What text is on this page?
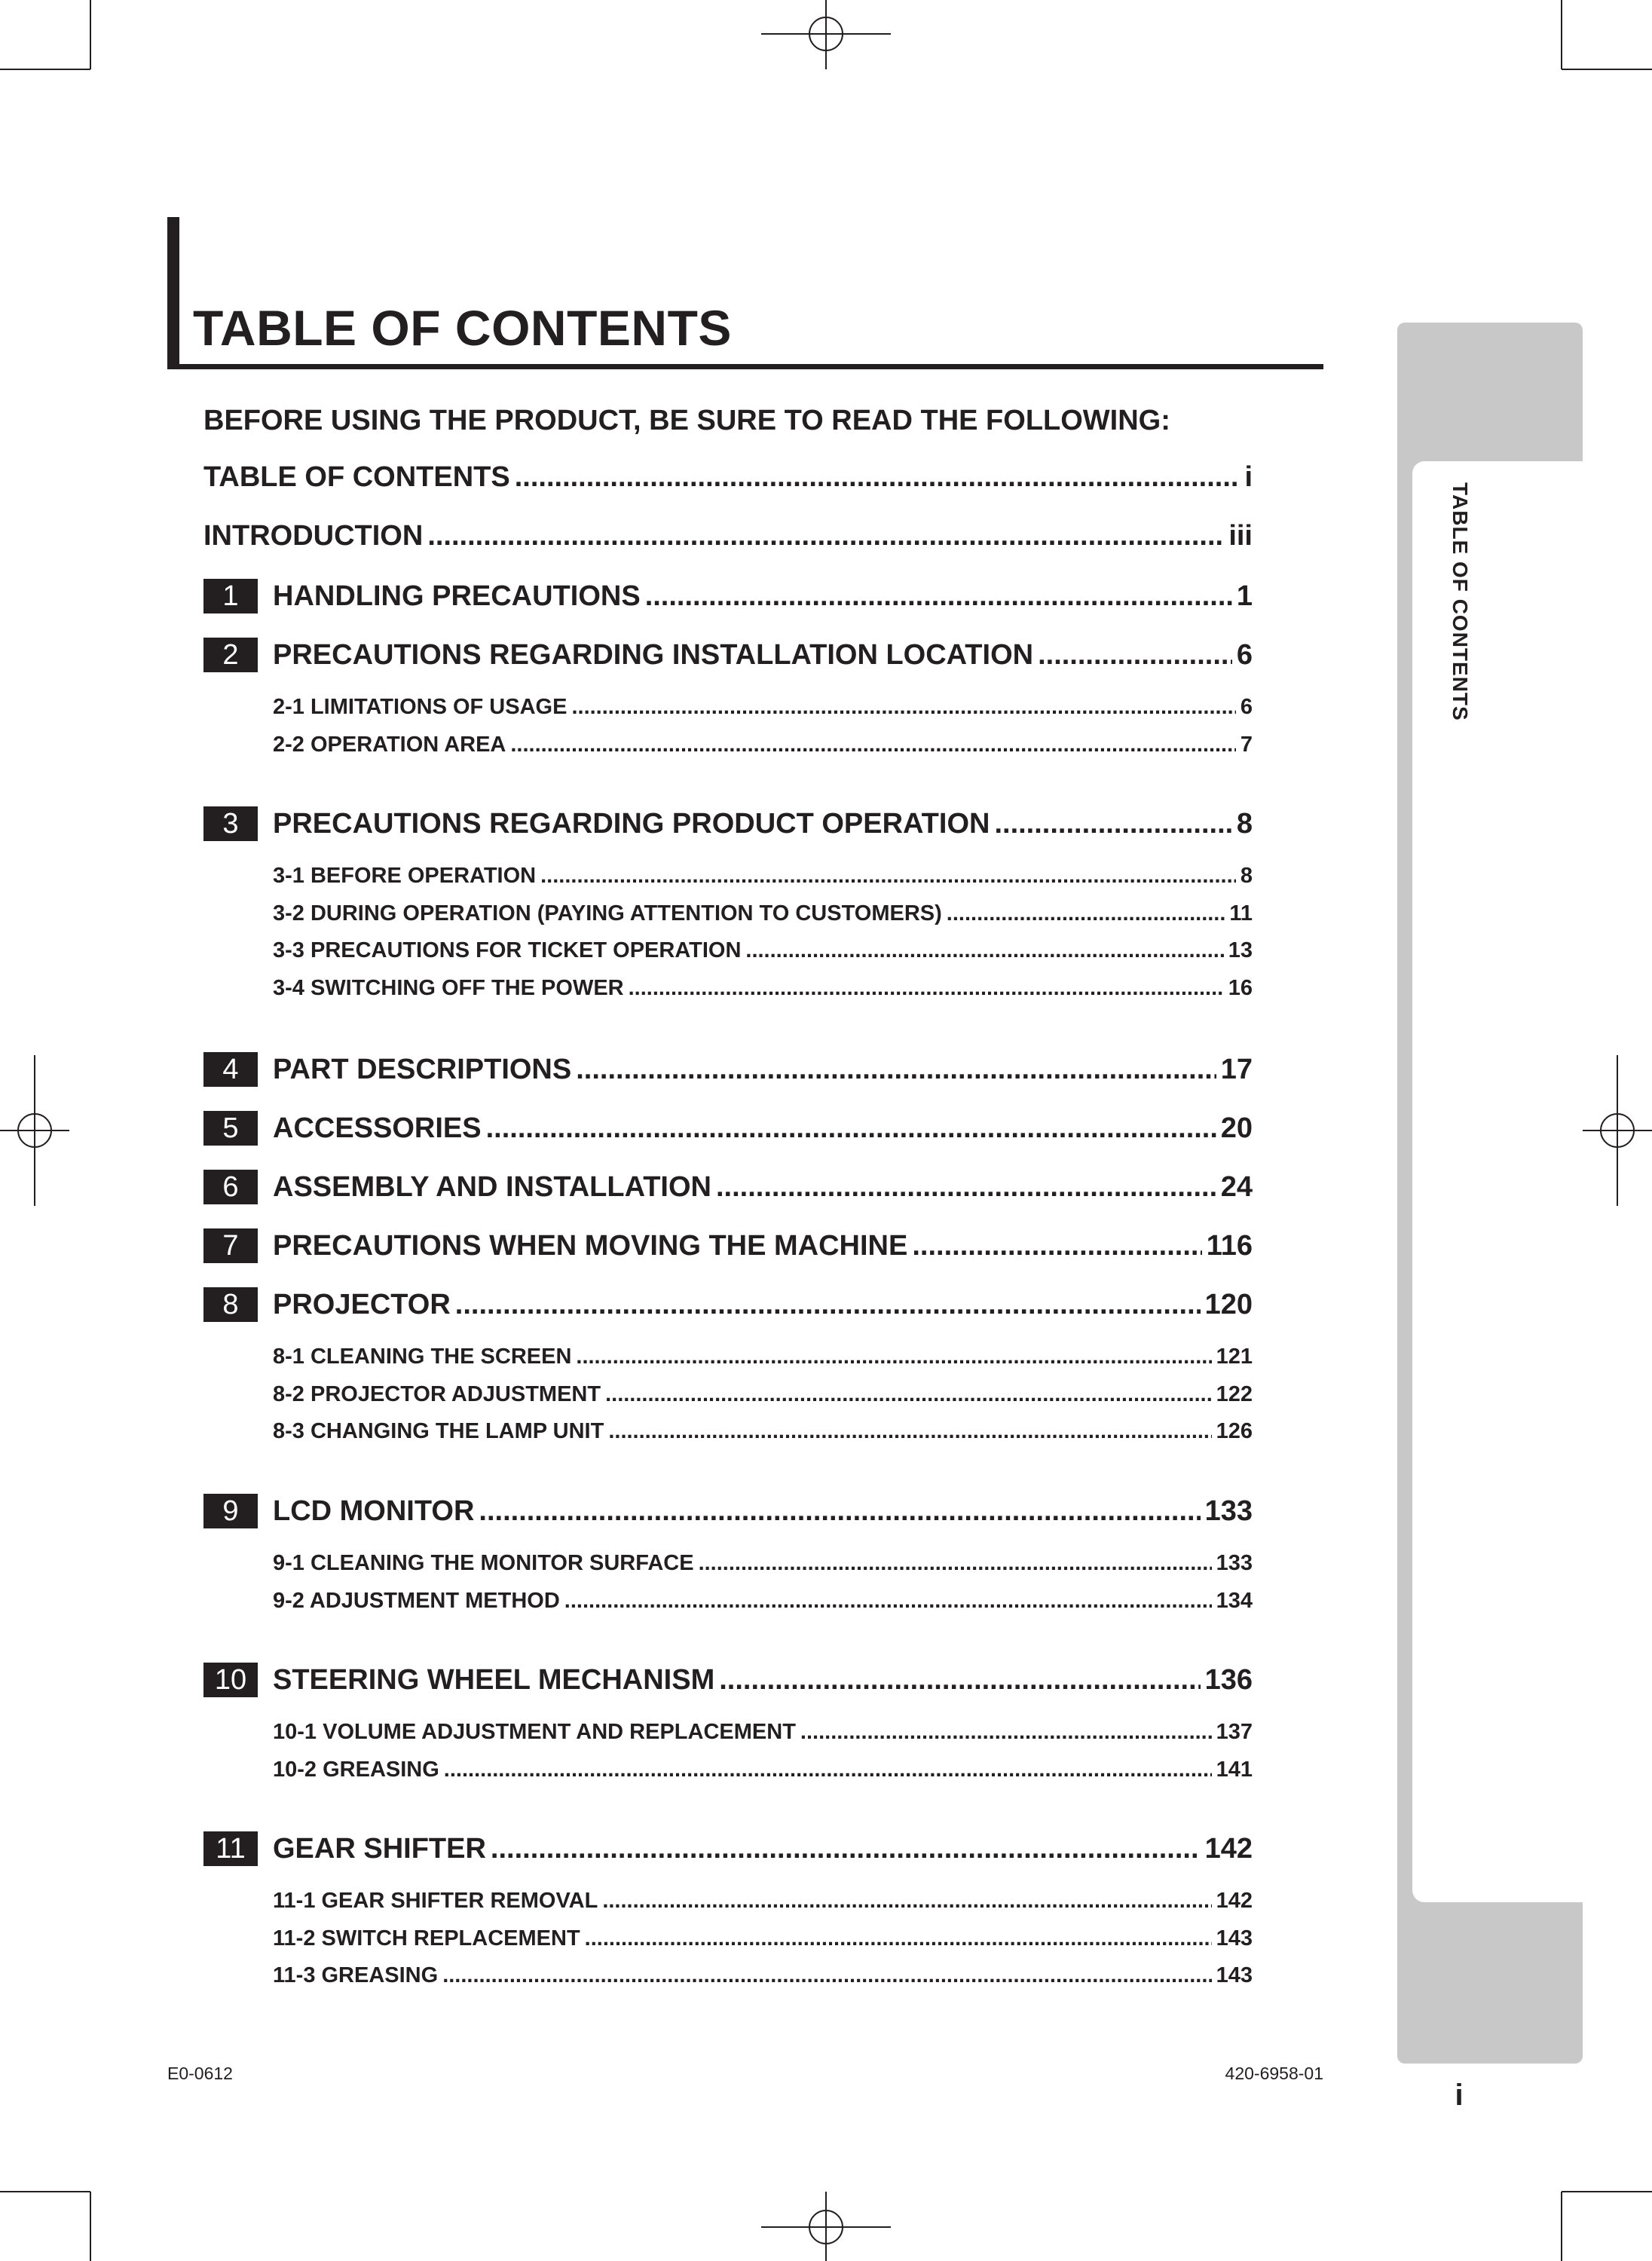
TABLE OF CONTENTS

TABLE OF CONTENTS

i
BEFORE USING THE PRODUCT, BE SURE TO READ THE FOLLOWING:
TABLE OF CONTENTS .....	i
INTRODUCTION .....	iii
1	HANDLING PRECAUTIONS .....	1
2	PRECAUTIONS REGARDING INSTALLATION LOCATION .....	6
2-1 LIMITATIONS OF USAGE .....	6
2-2 OPERATION AREA .....	7
3	PRECAUTIONS REGARDING PRODUCT OPERATION .....	8
3-1 BEFORE OPERATION .....	8
3-2 DURING OPERATION (PAYING ATTENTION TO CUSTOMERS) .....	11
3-3 PRECAUTIONS FOR TICKET OPERATION .....	13
3-4 SWITCHING OFF THE POWER .....	16
4	PART DESCRIPTIONS .....	17
5	ACCESSORIES .....	20
6	ASSEMBLY AND INSTALLATION .....	24
7	PRECAUTIONS WHEN MOVING THE MACHINE .....	116
8	PROJECTOR .....	120
8-1 CLEANING THE SCREEN .....	121
8-2 PROJECTOR ADJUSTMENT .....	122
8-3 CHANGING THE LAMP UNIT .....	126
9	LCD MONITOR .....	133
9-1 CLEANING THE MONITOR SURFACE .....	133
9-2 ADJUSTMENT METHOD .....	134
10 STEERING WHEEL MECHANISM .....	136
10-1 VOLUME ADJUSTMENT AND REPLACEMENT .....	137
10-2 GREASING .....	141
11 GEAR SHIFTER .....	142
11-1 GEAR SHIFTER REMOVAL .....	142
11-2 SWITCH REPLACEMENT .....	143
11-3 GREASING .....	143
E0-0612	420-6958-01
